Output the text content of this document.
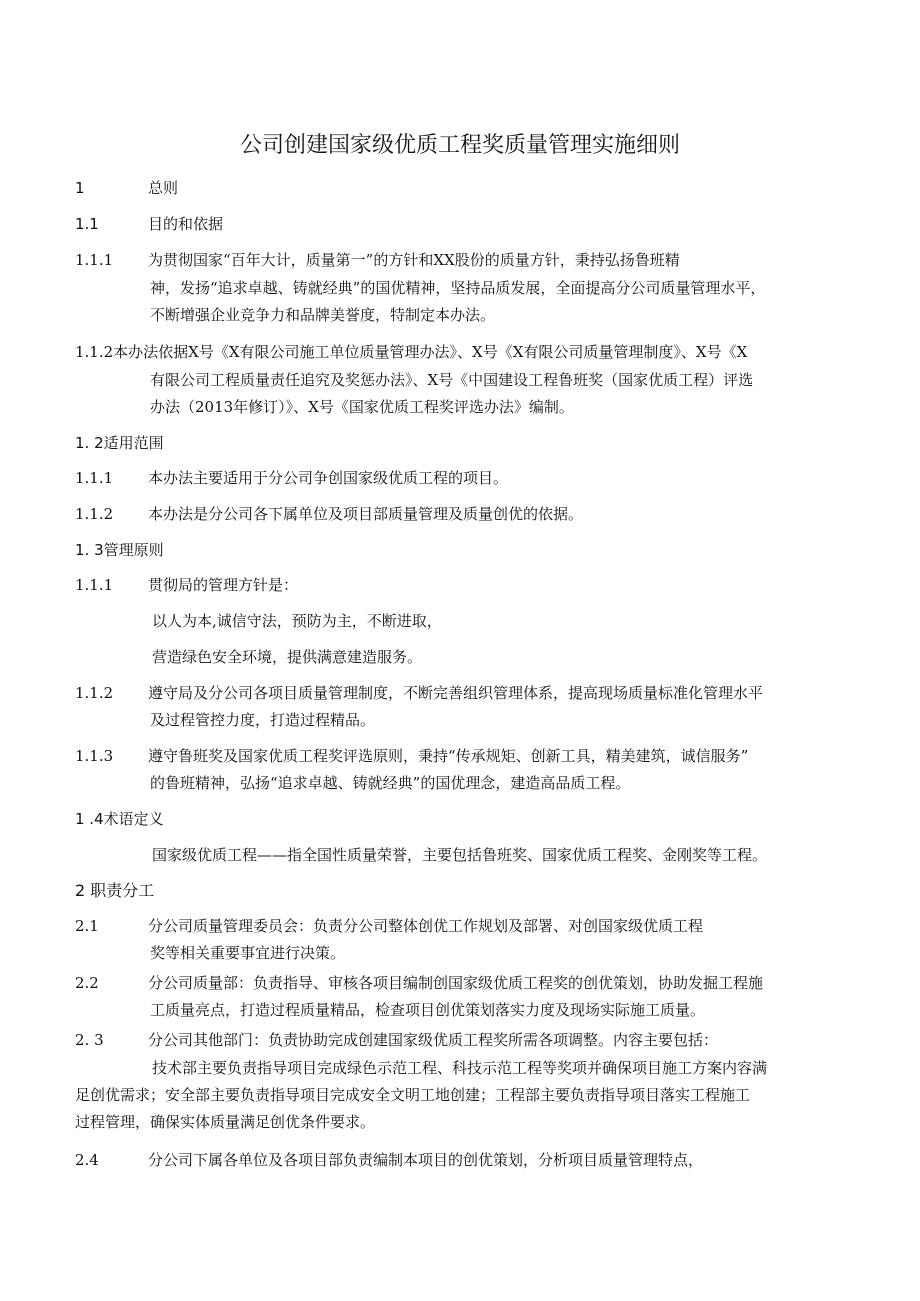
公司创建国家级优质工程奖质量管理实施细则
1	总则
1.1	目的和依据
1.1.1 为贯彻国家“百年大计，质量第一”的方针和XX股份的质量方针，秉持弘扬鲁班精
神，发扬“追求卓越、铸就经典”的国优精神，坚持品质发展，全面提高分公司质量管理水平，
不断增强企业竞争力和品牌美誉度，特制定本办法。
1.1.2本办法依据X号《X有限公司施工单位质量管理办法》、X号《X有限公司质量管理制度》、X号《X
有限公司工程质量责任追究及奖惩办法》、X号《中国建设工程鲁班奖（国家优质工程）评选
办法（2013年修订）》、X号《国家优质工程奖评选办法》编制。
1. 2适用范围
1.1.1 本办法主要适用于分公司争创国家级优质工程的项目。
1.1.2 本办法是分公司各下属单位及项目部质量管理及质量创优的依据。
1. 3管理原则
1.1.1 贯彻局的管理方针是：
以人为本,诚信守法，预防为主，不断进取，
营造绿色安全环境，提供满意建造服务。
1.1.2 遵守局及分公司各项目质量管理制度，不断完善组织管理体系，提高现场质量标准化管理水平
及过程管控力度，打造过程精品。
1.1.3 遵守鲁班奖及国家优质工程奖评选原则，秉持“传承规矩、创新工具，精美建筑，诚信服务”
的鲁班精神，弘扬“追求卓越、铸就经典”的国优理念，建造高品质工程。
1 .4术语定义
国家级优质工程——指全国性质量荣誉，主要包括鲁班奖、国家优质工程奖、金刚奖等工程。
2 职责分工
2.1	分公司质量管理委员会：负责分公司整体创优工作规划及部署、对创国家级优质工程
奖等相关重要事宜进行决策。
2.2	分公司质量部：负责指导、审核各项目编制创国家级优质工程奖的创优策划，协助发掘工程施
工质量亮点，打造过程质量精品，检查项目创优策划落实力度及现场实际施工质量。
2. 3	分公司其他部门：负责协助完成创建国家级优质工程奖所需各项调整。内容主要包括：
技术部主要负责指导项目完成绿色示范工程、科技示范工程等奖项并确保项目施工方案内容满
足创优需求；安全部主要负责指导项目完成安全文明工地创建；工程部主要负责指导项目落实工程施工
过程管理，确保实体质量满足创优条件要求。
2.4	分公司下属各单位及各项目部负责编制本项目的创优策划，分析项目质量管理特点，
